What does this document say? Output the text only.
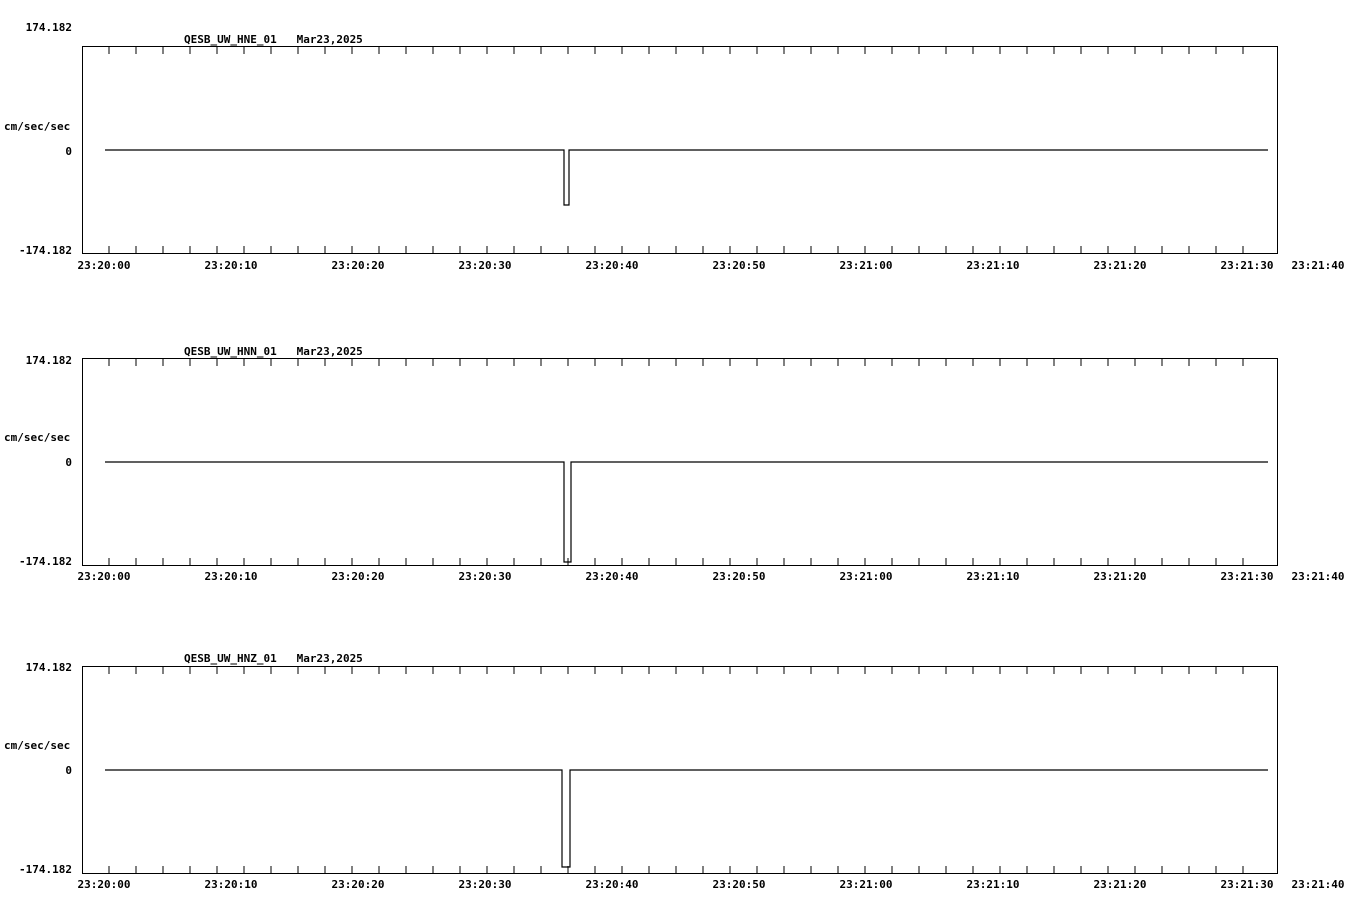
QESB_UW_HNE_01   Mar23,2025
cm/sec/sec
174.182
0
-174.182
23:20:00	23:20:10	23:20:20	23:20:30	23:20:40	23:20:50	23:21:00	23:21:10	23:21:20	23:21:30	23:21:40
QESB_UW_HNN_01   Mar23,2025
cm/sec/sec
174.182
0
-174.182
23:20:00	23:20:10	23:20:20	23:20:30	23:20:40	23:20:50	23:21:00	23:21:10	23:21:20	23:21:30	23:21:40
QESB_UW_HNZ_01   Mar23,2025
cm/sec/sec
174.182
0
-174.182
23:20:00	23:20:10	23:20:20	23:20:30	23:20:40	23:20:50	23:21:00	23:21:10	23:21:20	23:21:30	23:21:40
